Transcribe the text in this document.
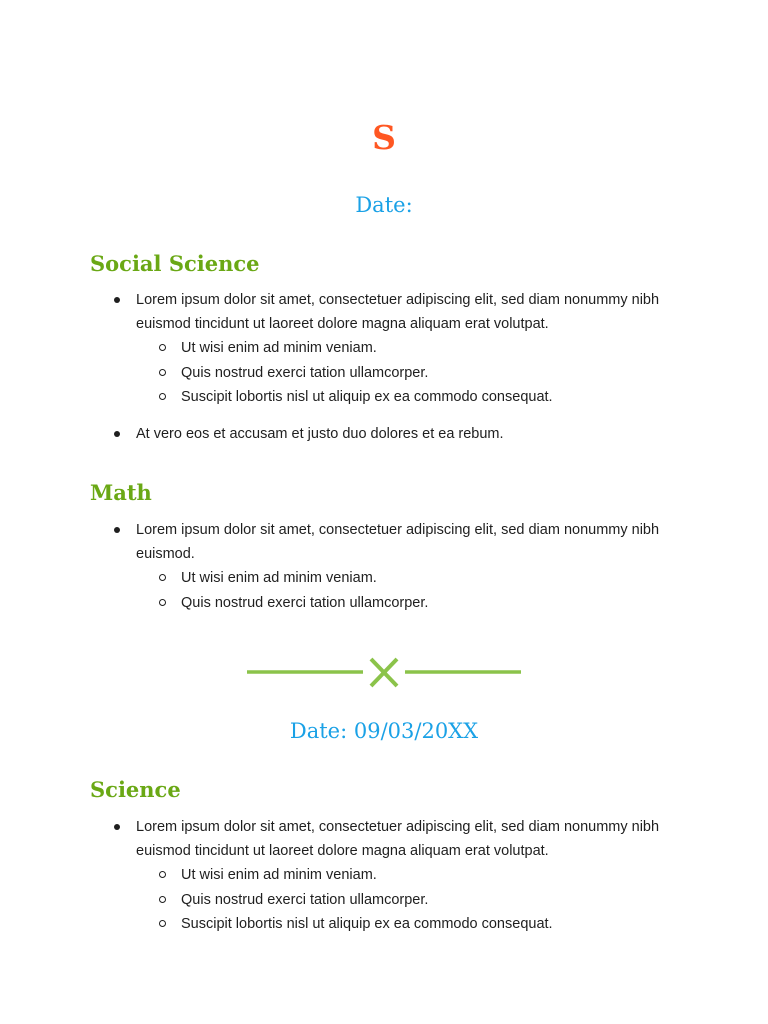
S

Date:

Social Science
Lorem ipsum dolor sit amet, consectetuer adipiscing elit, sed diam nonummy nibh euismod tincidunt ut laoreet dolore magna aliquam erat volutpat.
Ut wisi enim ad minim veniam.
Quis nostrud exerci tation ullamcorper.
Suscipit lobortis nisl ut aliquip ex ea commodo consequat.
At vero eos et accusam et justo duo dolores et ea rebum.
Math
Lorem ipsum dolor sit amet, consectetuer adipiscing elit, sed diam nonummy nibh euismod.
Ut wisi enim ad minim veniam.
Quis nostrud exerci tation ullamcorper.

Date: 09/03/20XX

Science
Lorem ipsum dolor sit amet, consectetuer adipiscing elit, sed diam nonummy nibh euismod tincidunt ut laoreet dolore magna aliquam erat volutpat.
Ut wisi enim ad minim veniam.
Quis nostrud exerci tation ullamcorper.
Suscipit lobortis nisl ut aliquip ex ea commodo consequat.
